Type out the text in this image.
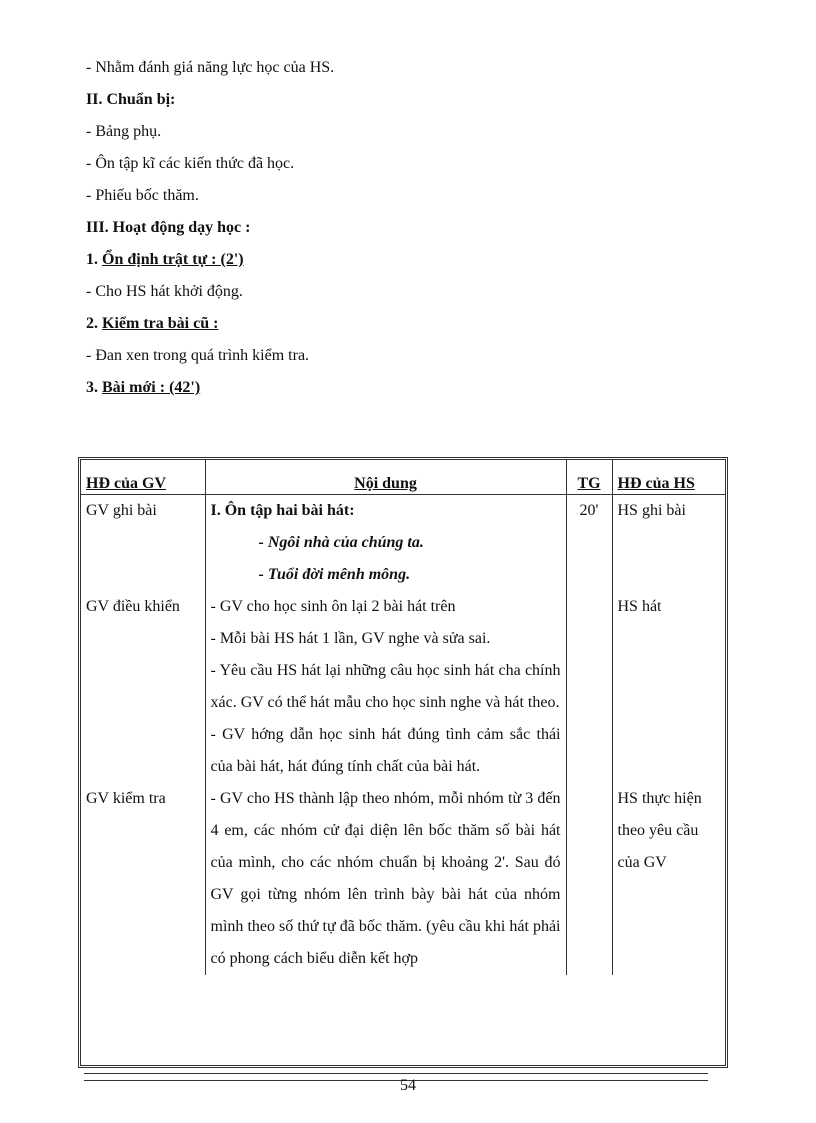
- Nhằm đánh giá năng lực học của HS.
II. Chuẩn bị:
- Bảng phụ.
- Ôn tập kĩ các kiến thức đã học.
- Phiếu bốc thăm.
III. Hoạt động dạy học :
1. Ổn định trật tự : (2')
- Cho HS hát khởi động.
2. Kiểm tra bài cũ :
- Đan xen trong quá trình kiểm tra.
3. Bài mới : (42')
HĐ của GV	Nội dung	TG	HĐ của HS
GV ghi bài	I. Ôn tập hai bài hát:
- Ngôi nhà của chúng ta.
- Tuổi đời mênh mông.	20'	HS ghi bài
GV điều khiển	- GV cho học sinh ôn lại 2 bài hát trên
- Mỗi bài HS hát 1 lần, GV nghe và sửa sai.
- Yêu cầu HS hát lại những câu học sinh hát cha chính xác. GV có thể hát mẫu cho học sinh nghe và hát theo.
- GV hớng dẫn học sinh hát đúng tình cảm sắc thái của bài hát, hát đúng tính chất của bài hát.		HS hát
GV kiểm tra	- GV cho HS thành lập theo nhóm, mỗi nhóm từ 3 đến 4 em, các nhóm cử đại diện lên bốc thăm số bài hát của mình, cho các nhóm chuẩn bị khoảng 2'. Sau đó GV gọi từng nhóm lên trình bày bài hát của nhóm mình theo số thứ tự đã bốc thăm. (yêu cầu khi hát phải có phong cách biểu diễn kết hợp		HS thực hiện theo yêu cầu của GV
54
